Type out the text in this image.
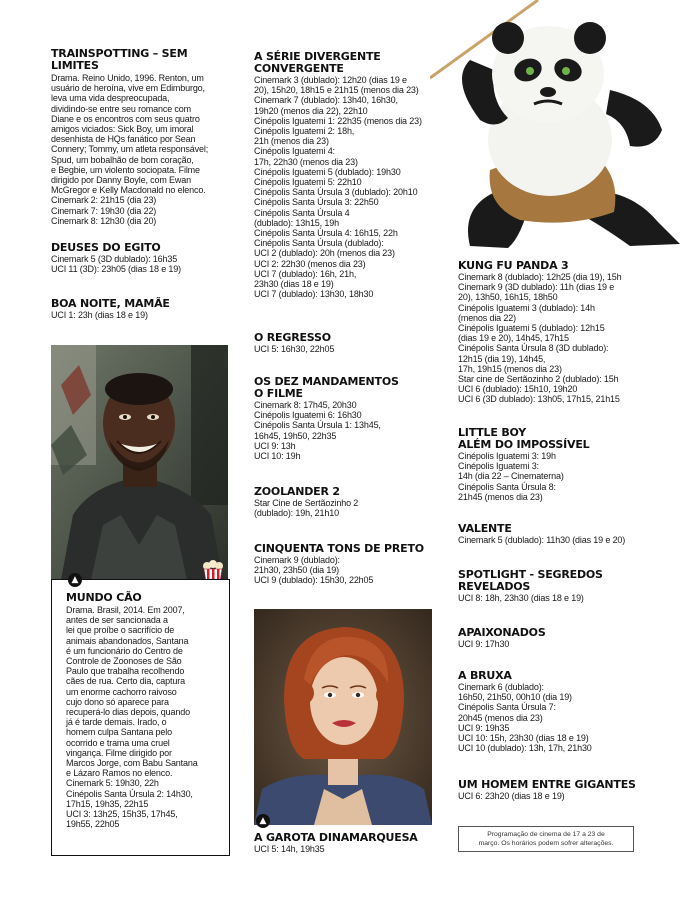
TRAINSPOTTING – SEM LIMITES
Drama. Reino Unido, 1996. Renton, um
usuário de heroína, vive em Edimburgo,
leva uma vida despreocupada,
dividindo-se entre seu romance com
Diane e os encontros com seus quatro
amigos viciados: Sick Boy, um imoral
desenhista de HQs fanático por Sean
Connery; Tommy, um atleta responsável;
Spud, um bobalhão de bom coração,
e Begbie, um violento sociopata. Filme
dirigido por Danny Boyle, com Ewan
McGregor e Kelly Macdonald no elenco.
Cinemark 2: 21h15 (dia 23)
Cinemark 7: 19h30 (dia 22)
Cinemark 8: 12h30 (dia 20)
DEUSES DO EGITO
Cinemark 5 (3D dublado): 16h35
UCI 11 (3D): 23h05 (dias 18 e 19)
BOA NOITE, MAMÃE
UCI 1: 23h (dias 18 e 19)
▲
MUNDO CÃO
Drama. Brasil, 2014. Em 2007,
antes de ser sancionada a
lei que proíbe o sacrifício de
animais abandonados, Santana
é um funcionário do Centro de
Controle de Zoonoses de São
Paulo que trabalha recolhendo
cães de rua. Certo dia, captura
um enorme cachorro raivoso
cujo dono só aparece para
recuperá-lo dias depois, quando
já é tarde demais. Irado, o
homem culpa Santana pelo
ocorrido e trama uma cruel
vingança. Filme dirigido por
Marcos Jorge, com Babu Santana
e Lázaro Ramos no elenco.
Cinemark 5: 19h30, 22h
Cinépolis Santa Úrsula 2: 14h30,
17h15, 19h35, 22h15
UCI 3: 13h25, 15h35, 17h45,
19h55, 22h05
A SÉRIE DIVERGENTE
CONVERGENTE
Cinemark 3 (dublado): 12h20 (dias 19 e
20), 15h20, 18h15 e 21h15 (menos dia 23)
Cinemark 7 (dublado): 13h40, 16h30,
19h20 (menos dia 22), 22h10
Cinépolis Iguatemi 1: 22h35 (menos dia 23)
Cinépolis Iguatemi 2: 18h,
21h (menos dia 23)
Cinépolis Iguatemi 4:
17h, 22h30 (menos dia 23)
Cinépolis Iguatemi 5 (dublado): 19h30
Cinépolis Iguatemi 5: 22h10
Cinépolis Santa Úrsula 3 (dublado): 20h10
Cinépolis Santa Úrsula 3: 22h50
Cinépolis Santa Úrsula 4
(dublado): 13h15, 19h
Cinépolis Santa Úrsula 4: 16h15, 22h
Cinépolis Santa Úrsula (dublado):
UCI 2 (dublado): 20h (menos dia 23)
UCI 2: 22h30 (menos dia 23)
UCI 7 (dublado): 16h, 21h,
23h30 (dias 18 e 19)
UCI 7 (dublado): 13h30, 18h30
O REGRESSO
UCI 5: 16h30, 22h05
OS DEZ MANDAMENTOS
O FILME
Cinemark 8: 17h45, 20h30
Cinépolis Iguatemi 6: 16h30
Cinépolis Santa Úrsula 1: 13h45,
16h45, 19h50, 22h35
UCI 9: 13h
UCI 10: 19h
ZOOLANDER 2
Star Cine de Sertãozinho 2
(dublado): 19h, 21h10
CINQUENTA TONS DE PRETO
Cinemark 9 (dublado):
21h30, 23h50 (dia 19)
UCI 9 (dublado): 15h30, 22h05
▲
A GAROTA DINAMARQUESA
UCI 5: 14h, 19h35
KUNG FU PANDA 3
Cinemark 8 (dublado): 12h25 (dia 19), 15h
Cinemark 9 (3D dublado): 11h (dias 19 e
20), 13h50, 16h15, 18h50
Cinépolis Iguatemi 3 (dublado): 14h
(menos dia 22)
Cinépolis Iguatemi 5 (dublado): 12h15
(dias 19 e 20), 14h45, 17h15
Cinépolis Santa Úrsula 8 (3D dublado):
12h15 (dia 19), 14h45,
17h, 19h15 (menos dia 23)
Star cine de Sertãozinho 2 (dublado): 15h
UCI 6 (dublado): 15h10, 19h20
UCI 6 (3D dublado): 13h05, 17h15, 21h15
LITTLE BOY
ALÉM DO IMPOSSÍVEL
Cinépolis Iguatemi 3: 19h
Cinépolis Iguatemi 3:
14h (dia 22 – Cinematerna)
Cinépolis Santa Úrsula 8:
21h45 (menos dia 23)
VALENTE
Cinemark 5 (dublado): 11h30 (dias 19 e 20)
SPOTLIGHT - SEGREDOS
REVELADOS
UCI 8: 18h, 23h30 (dias 18 e 19)
APAIXONADOS
UCI 9: 17h30
A BRUXA
Cinemark 6 (dublado):
16h50, 21h50, 00h10 (dia 19)
Cinépolis Santa Úrsula 7:
20h45 (menos dia 23)
UCI 9: 19h35
UCI 10: 15h, 23h30 (dias 18 e 19)
UCI 10 (dublado): 13h, 17h, 21h30
UM HOMEM ENTRE GIGANTES
UCI 6: 23h20 (dias 18 e 19)
Programação de cinema de 17 a 23 de
março. Os horários podem sofrer alterações.
